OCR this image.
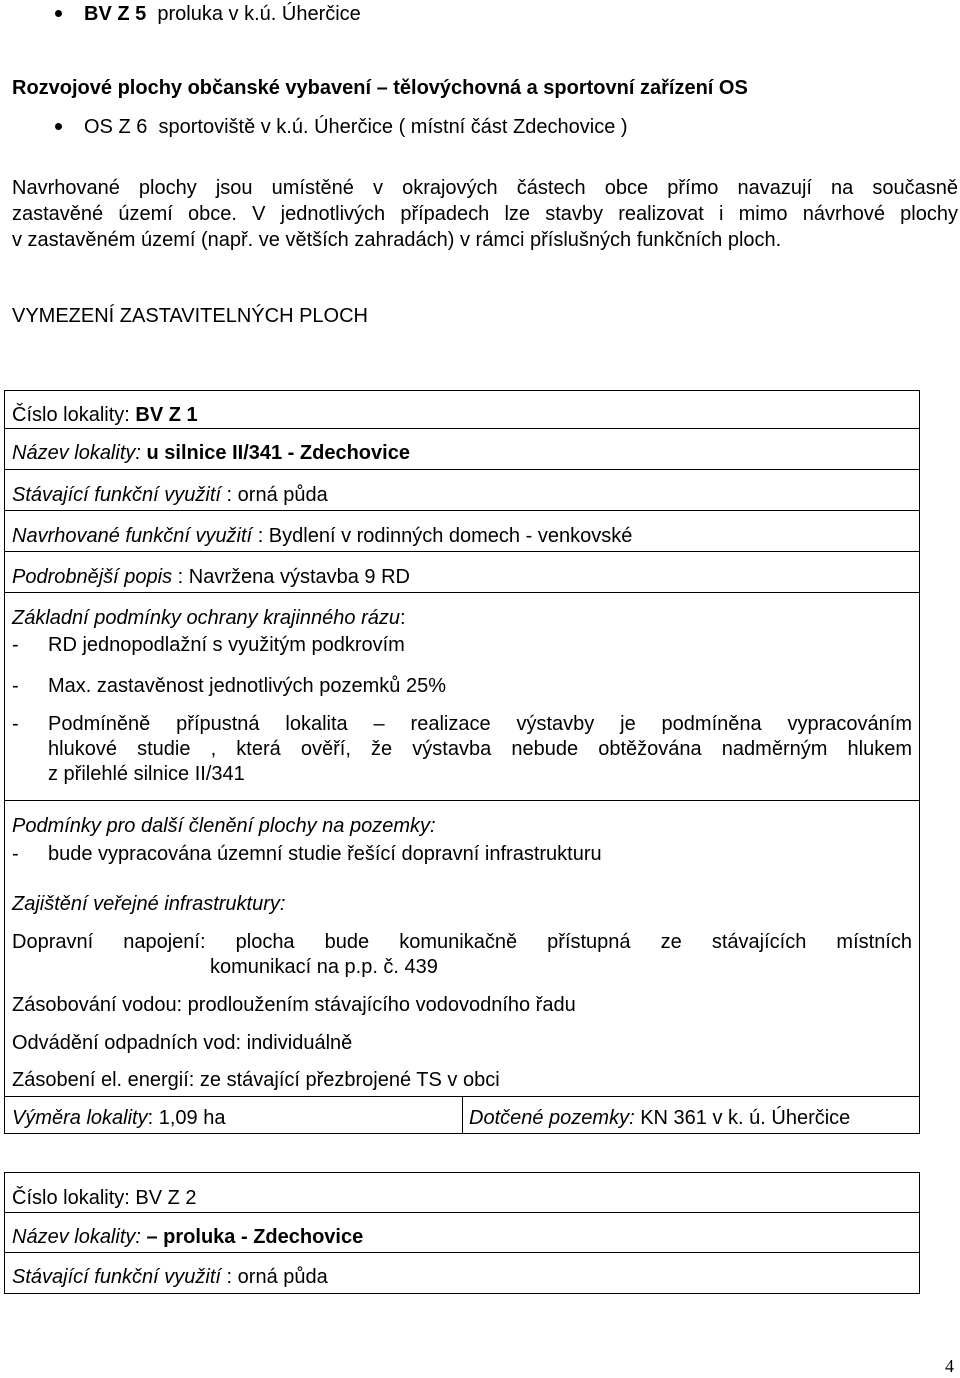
BV Z 5 proluka v k.ú. Úherčice
Rozvojové plochy občanské vybavení – tělovýchovná a sportovní zařízení OS
OS Z 6 sportoviště v k.ú. Úherčice ( místní část Zdechovice )
Navrhované plochy jsou umístěné v okrajových částech obce přímo navazují na současně
zastavěné území obce. V jednotlivých případech lze stavby realizovat i mimo návrhové plochy
v zastavěném území (např. ve větších zahradách) v rámci příslušných funkčních ploch.
VYMEZENÍ ZASTAVITELNÝCH PLOCH
Číslo lokality: BV Z 1
Název lokality: u silnice II/341 - Zdechovice
Stávající funkční využití : orná půda
Navrhované funkční využití : Bydlení v rodinných domech - venkovské
Podrobnější popis : Navržena výstavba 9 RD
Základní podmínky ochrany krajinného rázu:
- RD jednopodlažní s využitým podkrovím
- Max. zastavěnost jednotlivých pozemků 25%
-	Podmíněně přípustná lokalita – realizace výstavby je podmíněna vypracováním
hlukové studie , která ověří, že výstavba nebude obtěžována nadměrným hlukem
z přilehlé silnice II/341
Podmínky pro další členění plochy na pozemky:
- bude vypracována územní studie řešící dopravní infrastrukturu
Zajištění veřejné infrastruktury:
Dopravní napojení: plocha bude komunikačně přístupná ze stávajících místních
komunikací na p.p. č. 439
Zásobování vodou: prodloužením stávajícího vodovodního řadu
Odvádění odpadních vod: individuálně
Zásobení el. energií: ze stávající přezbrojené TS v obci
Výměra lokality: 1,09 ha	Dotčené pozemky: KN 361 v k. ú. Úherčice
Číslo lokality: BV Z 2
Název lokality: – proluka - Zdechovice
Stávající funkční využití : orná půda
4
